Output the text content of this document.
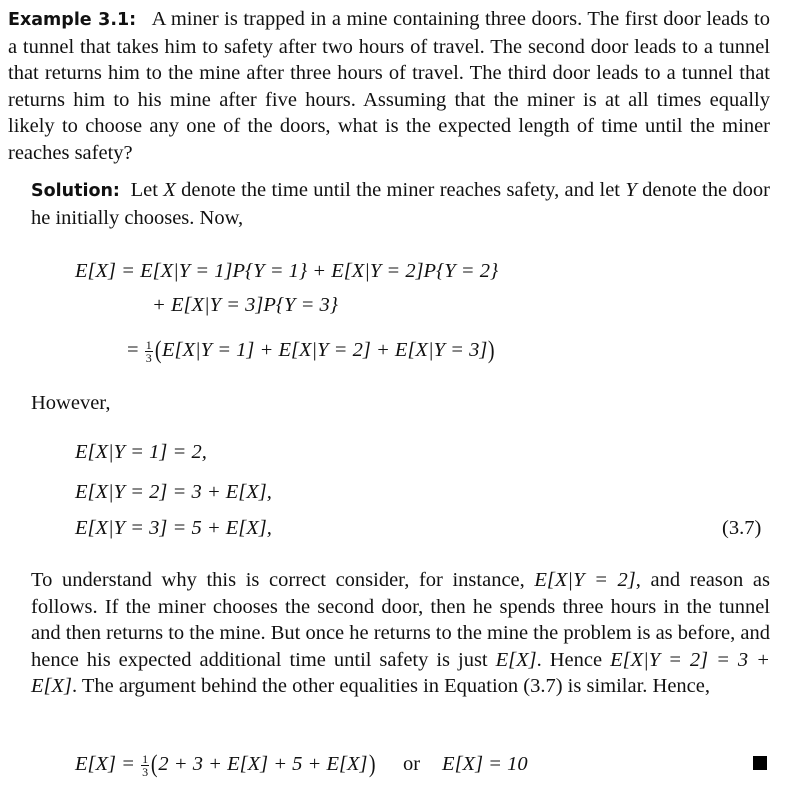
Example 3.1: A miner is trapped in a mine containing three doors. The first door leads to a tunnel that takes him to safety after two hours of travel. The second door leads to a tunnel that returns him to the mine after three hours of travel. The third door leads to a tunnel that returns him to his mine after five hours. Assuming that the miner is at all times equally likely to choose any one of the doors, what is the expected length of time until the miner reaches safety?

Solution: Let X denote the time until the miner reaches safety, and let Y denote the door he initially chooses. Now,

E[X] = E[X|Y = 1]P{Y = 1} + E[X|Y = 2]P{Y = 2}
+ E[X|Y = 3]P{Y = 3}
= $\frac{1}{3} (E[X|Y = 1] + E[X|Y = 2] + E[X|Y = 3])$
However,
E[X|Y = 1] = 2,
E[X|Y = 2] = 3 + E[X],
E[X|Y = 3] = 5 + E[X],	(3.7)

To understand why this is correct consider, for instance, E[X|Y = 2], and reason as follows. If the miner chooses the second door, then he spends three hours in the tunnel and then returns to the mine. But once he returns to the mine the problem is as before, and hence his expected additional time until safety is just E[X]. Hence E[X|Y = 2] = 3 + E[X]. The argument behind the other equalities in Equation (3.7) is similar. Hence,

$E[X] = \frac{1}{3} (2 + 3 + E[X] + 5 + E[X])$ or E[X] = 10
